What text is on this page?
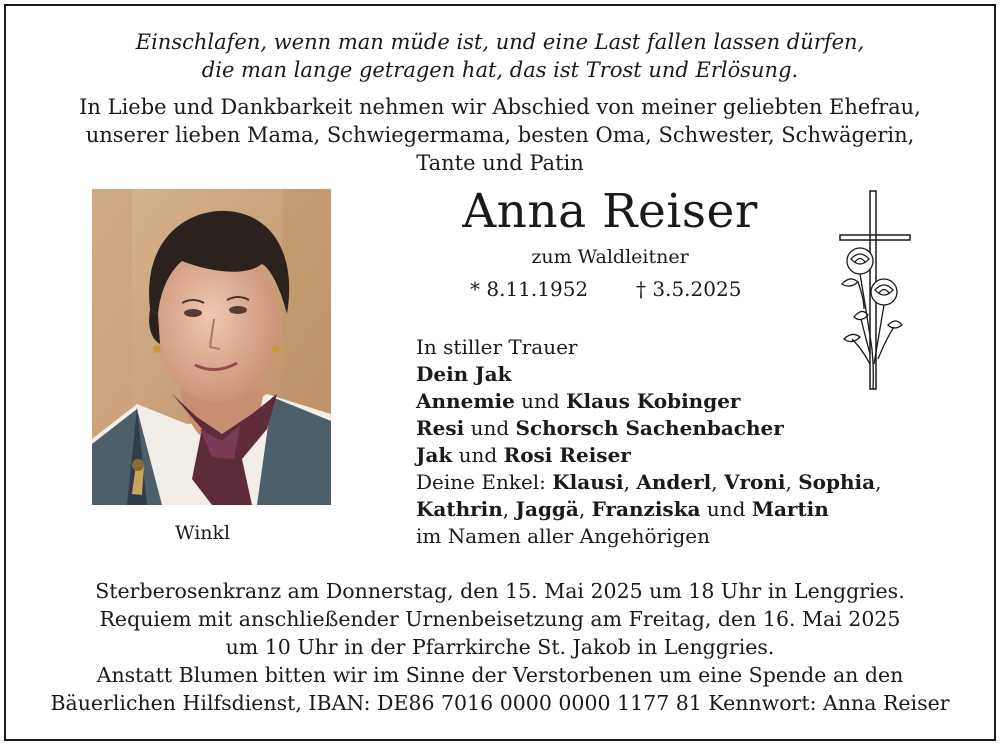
Einschlafen, wenn man müde ist, und eine Last fallen lassen dürfen,
die man lange getragen hat, das ist Trost und Erlösung.
In Liebe und Dankbarkeit nehmen wir Abschied von meiner geliebten Ehefrau,
unserer lieben Mama, Schwiegermama, besten Oma, Schwester, Schwägerin,
Tante und Patin
Winkl
Anna Reiser
zum Waldleitner
* 8.11.1952 † 3.5.2025
In stiller Trauer
Dein Jak
Annemie und Klaus Kobinger
Resi und Schorsch Sachenbacher
Jak und Rosi Reiser
Deine Enkel: Klausi, Anderl, Vroni, Sophia,
Kathrin, Jaggä, Franziska und Martin
im Namen aller Angehörigen
Sterberosenkranz am Donnerstag, den 15. Mai 2025 um 18 Uhr in Lenggries.
Requiem mit anschließender Urnenbeisetzung am Freitag, den 16. Mai 2025
um 10 Uhr in der Pfarrkirche St. Jakob in Lenggries.
Anstatt Blumen bitten wir im Sinne der Verstorbenen um eine Spende an den
Bäuerlichen Hilfsdienst, IBAN: DE86 7016 0000 0000 1177 81 Kennwort: Anna Reiser
